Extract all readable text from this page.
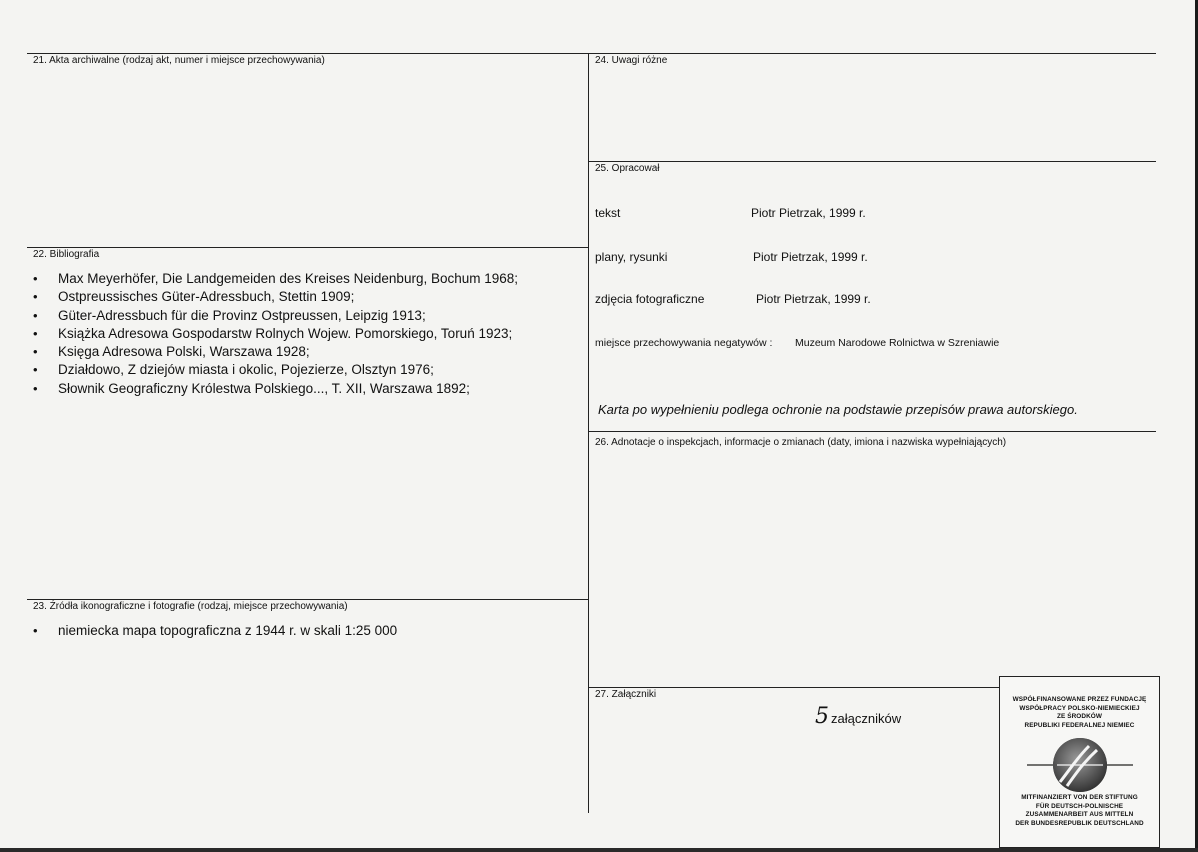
21. Akta archiwalne (rodzaj akt, numer i miejsce przechowywania)
22. Bibliografia
• Max Meyerhöfer, Die Landgemeiden des Kreises Neidenburg, Bochum 1968;
• Ostpreussisches Güter-Adressbuch, Stettin 1909;
• Güter-Adressbuch für die Provinz Ostpreussen, Leipzig 1913;
• Książka Adresowa Gospodarstw Rolnych Wojew. Pomorskiego, Toruń 1923;
• Księga Adresowa Polski, Warszawa 1928;
• Działdowo, Z dziejów miasta i okolic, Pojezierze, Olsztyn 1976;
• Słownik Geograficzny Królestwa Polskiego..., T. XII, Warszawa 1892;
23. Źródła ikonograficzne i fotografie (rodzaj, miejsce przechowywania)
• niemiecka mapa topograficzna z 1944 r. w skali 1:25 000
24. Uwagi różne
25. Opracował
tekst	Piotr Pietrzak, 1999 r.
plany, rysunki	Piotr Pietrzak, 1999 r.
zdjęcia fotograficzne	Piotr Pietrzak, 1999 r.
miejsce przechowywania negatywów : Muzeum Narodowe Rolnictwa w Szreniawie
Karta po wypełnieniu podlega ochronie na podstawie przepisów prawa autorskiego.
26. Adnotacje o inspekcjach, informacje o zmianach (daty, imiona i nazwiska wypełniających)
27. Załączniki
5 załączników
WSPÓŁFINANSOWANE PRZEZ FUNDACJĘ
WSPÓŁPRACY POLSKO-NIEMIECKIEJ
ZE ŚRODKÓW
REPUBLIKI FEDERALNEJ NIEMIEC
MITFINANZIERT VON DER STIFTUNG
FÜR DEUTSCH-POLNISCHE
ZUSAMMENARBEIT AUS MITTELN
DER BUNDESREPUBLIK DEUTSCHLAND
